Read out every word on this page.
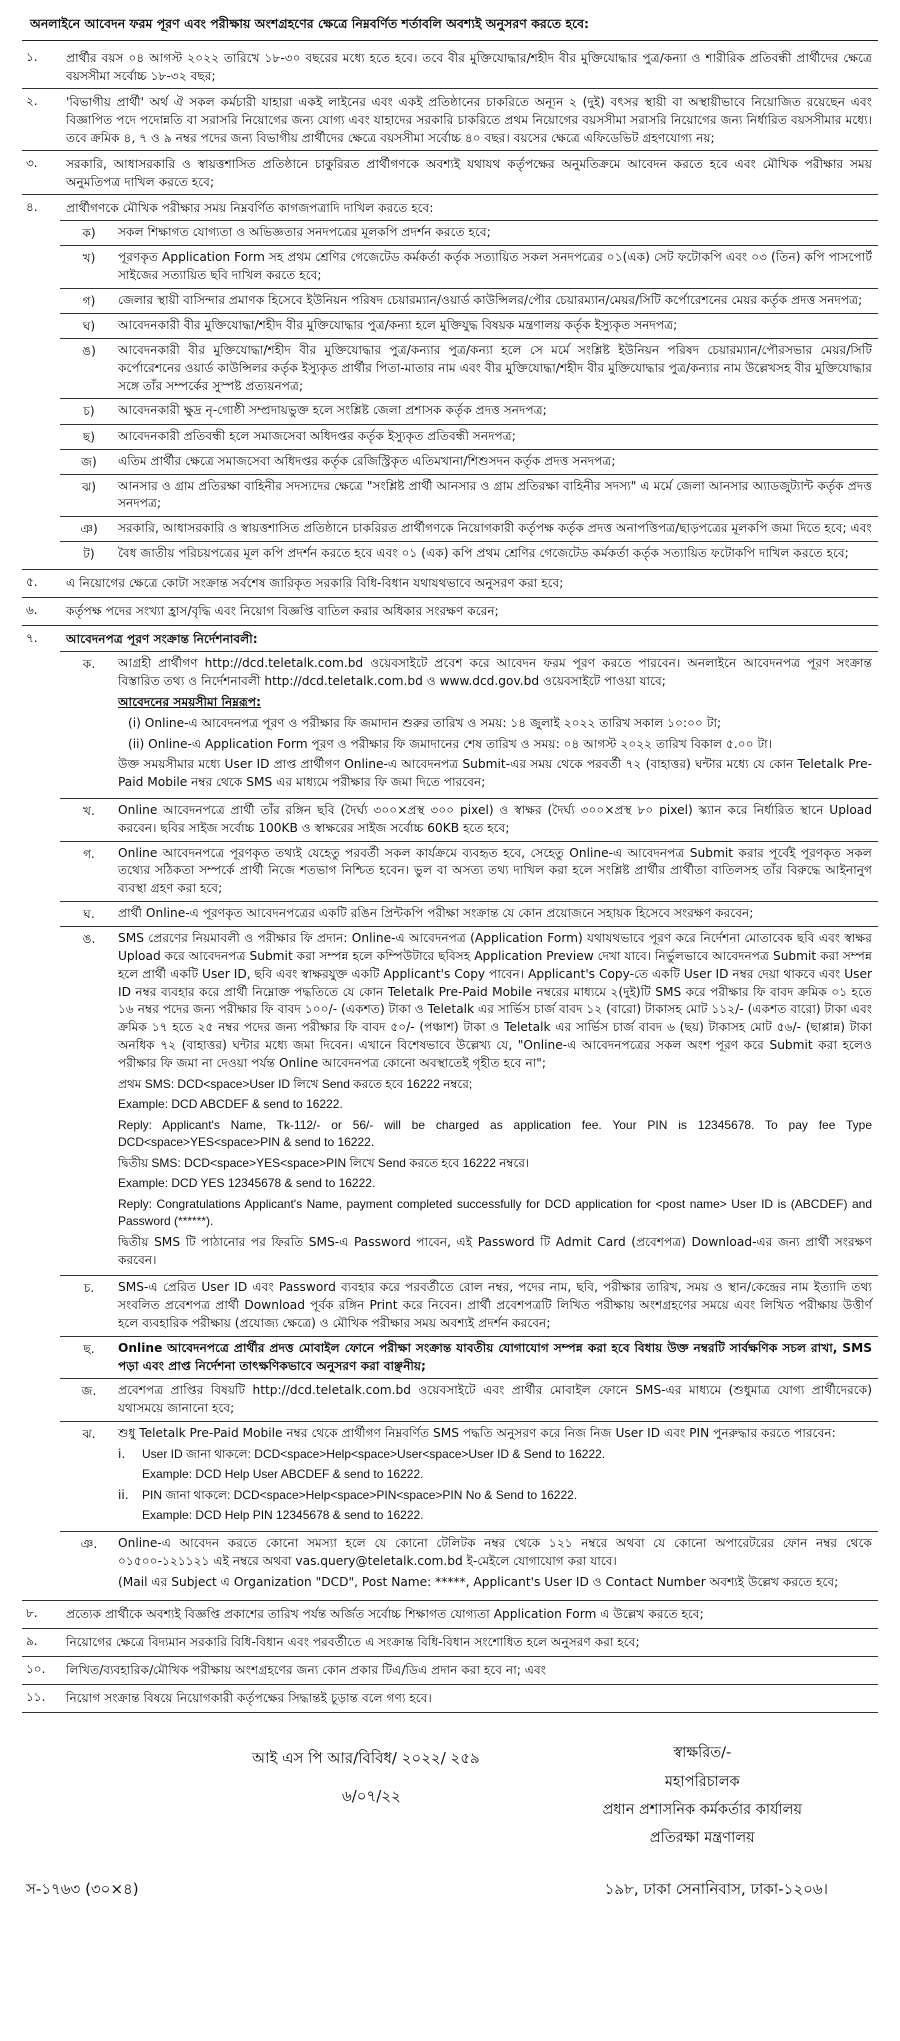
অনলাইনে আবেদন ফরম পূরণ এবং পরীক্ষায় অংশগ্রহণের ক্ষেত্রে নিম্নবর্ণিত শর্তাবলি অবশ্যই অনুসরণ করতে হবে:
১.	প্রার্থীর বয়স ০৪ আগস্ট ২০২২ তারিখে ১৮-৩০ বছরের মধ্যে হতে হবে। তবে বীর মুক্তিযোদ্ধার/শহীদ বীর মুক্তিযোদ্ধার পুত্র/কন্যা ও শারীরিক প্রতিবন্ধী প্রার্থীদের ক্ষেত্রে বয়সসীমা সর্বোচ্চ ১৮-৩২ বছর;
২.	'বিভাগীয় প্রার্থী' অর্থ ঐ সকল কর্মচারী যাহারা একই লাইনের এবং একই প্রতিষ্ঠানের চাকরিতে অন্যূন ২ (দুই) বৎসর স্থায়ী বা অস্থায়ীভাবে নিয়োজিত রয়েছেন এবং বিজ্ঞাপিত পদে পদোন্নতি বা সরাসরি নিয়োগের জন্য যোগ্য এবং যাহাদের সরকারি চাকরিতে প্রথম নিয়োগের বয়সসীমা সরাসরি নিয়োগের জন্য নির্ধারিত বয়সসীমার মধ্যে। তবে ক্রমিক ৪, ৭ ও ৯ নম্বর পদের জন্য বিভাগীয় প্রার্থীদের ক্ষেত্রে বয়সসীমা সর্বোচ্চ ৪০ বছর। বয়সের ক্ষেত্রে এফিডেভিট গ্রহণযোগ্য নয়;
৩.	সরকারি, আধাসরকারি ও স্বায়ত্তশাসিত প্রতিষ্ঠানে চাকুরিরত প্রার্থীগণকে অবশ্যই যথাযথ কর্তৃপক্ষের অনুমতিক্রমে আবেদন করতে হবে এবং মৌখিক পরীক্ষার সময় অনুমতিপত্র দাখিল করতে হবে;
৪.	প্রার্থীগণকে মৌখিক পরীক্ষার সময় নিম্নবর্ণিত কাগজপত্রাদি দাখিল করতে হবে:

ক)	সকল শিক্ষাগত যোগ্যতা ও অভিজ্ঞতার সনদপত্রের মূলকপি প্রদর্শন করতে হবে;
খ)	পূরণকৃত Application Form সহ প্রথম শ্রেণির গেজেটেড কর্মকর্তা কর্তৃক সত্যায়িত সকল সনদপত্রের ০১(এক) সেট ফটোকপি এবং ০৩ (তিন) কপি পাসপোর্ট সাইজের সত্যায়িত ছবি দাখিল করতে হবে;
গ)	জেলার স্থায়ী বাসিন্দার প্রমাণক হিসেবে ইউনিয়ন পরিষদ চেয়ারম্যান/ওয়ার্ড কাউন্সিলর/পৌর চেয়ারম্যান/মেয়র/সিটি কর্পোরেশনের মেয়র কর্তৃক প্রদত্ত সনদপত্র;
ঘ)	আবেদনকারী বীর মুক্তিযোদ্ধা/শহীদ বীর মুক্তিযোদ্ধার পুত্র/কন্যা হলে মুক্তিযুদ্ধ বিষয়ক মন্ত্রণালয় কর্তৃক ইস্যুকৃত সনদপত্র;
ঙ)	আবেদনকারী বীর মুক্তিযোদ্ধা/শহীদ বীর মুক্তিযোদ্ধার পুত্র/কন্যার পুত্র/কন্যা হলে সে মর্মে সংশ্লিষ্ট ইউনিয়ন পরিষদ চেয়ারম্যান/পৌরসভার মেয়র/সিটি কর্পোরেশনের ওয়ার্ড কাউন্সিলর কর্তৃক ইস্যুকৃত প্রার্থীর পিতা-মাতার নাম এবং বীর মুক্তিযোদ্ধা/শহীদ বীর মুক্তিযোদ্ধার পুত্র/কন্যার নাম উল্লেখসহ বীর মুক্তিযোদ্ধার সঙ্গে তাঁর সম্পর্কের সুস্পষ্ট প্রত্যয়নপত্র;
চ)	আবেদনকারী ক্ষুদ্র নৃ-গোষ্ঠী সম্প্রদায়ভুক্ত হলে সংশ্লিষ্ট জেলা প্রশাসক কর্তৃক প্রদত্ত সনদপত্র;
ছ)	আবেদনকারী প্রতিবন্ধী হলে সমাজসেবা অধিদপ্তর কর্তৃক ইস্যুকৃত প্রতিবন্ধী সনদপত্র;
জ)	এতিম প্রার্থীর ক্ষেত্রে সমাজসেবা অধিদপ্তর কর্তৃক রেজিস্ট্রিকৃত এতিমখানা/শিশুসদন কর্তৃক প্রদত্ত সনদপত্র;
ঝ)	আনসার ও গ্রাম প্রতিরক্ষা বাহিনীর সদস্যদের ক্ষেত্রে "সংশ্লিষ্ট প্রার্থী আনসার ও গ্রাম প্রতিরক্ষা বাহিনীর সদস্য" এ মর্মে জেলা আনসার অ্যাডজুট্যান্ট কর্তৃক প্রদত্ত সনদপত্র;
ঞ)	সরকারি, আধাসরকারি ও স্বায়ত্তশাসিত প্রতিষ্ঠানে চাকরিরত প্রার্থীগণকে নিয়োগকারী কর্তৃপক্ষ কর্তৃক প্রদত্ত অনাপত্তিপত্র/ছাড়পত্রের মূলকপি জমা দিতে হবে; এবং
ট)	বৈধ জাতীয় পরিচয়পত্রের মূল কপি প্রদর্শন করতে হবে এবং ০১ (এক) কপি প্রথম শ্রেণির গেজেটেড কর্মকর্তা কর্তৃক সত্যায়িত ফটোকপি দাখিল করতে হবে;
৫.	এ নিয়োগের ক্ষেত্রে কোটা সংক্রান্ত সর্বশেষ জারিকৃত সরকারি বিধি-বিধান যথাযথভাবে অনুসরণ করা হবে;
৬.	কর্তৃপক্ষ পদের সংখ্যা হ্রাস/বৃদ্ধি এবং নিয়োগ বিজ্ঞপ্তি বাতিল করার অধিকার সংরক্ষণ করেন;
৭.	আবেদনপত্র পূরণ সংক্রান্ত নির্দেশনাবলী:

ক.	আগ্রহী প্রার্থীগণ http://dcd.teletalk.com.bd ওয়েবসাইটে প্রবেশ করে আবেদন ফরম পূরণ করতে পারবেন। অনলাইনে আবেদনপত্র পূরণ সংক্রান্ত বিস্তারিত তথ্য ও নির্দেশনাবলী http://dcd.teletalk.com.bd ও www.dcd.gov.bd ওয়েবসাইটে পাওয়া যাবে;

আবেদনের সময়সীমা নিম্নরূপ:

(i) Online-এ আবেদনপত্র পূরণ ও পরীক্ষার ফি জমাদান শুরুর তারিখ ও সময়: ১৪ জুলাই ২০২২ তারিখ সকাল ১০:০০ টা;

(ii) Online-এ Application Form পূরণ ও পরীক্ষার ফি জমাদানের শেষ তারিখ ও সময়: ০৪ আগস্ট ২০২২ তারিখ বিকাল ৫.০০ টা।

উক্ত সময়সীমার মধ্যে User ID প্রাপ্ত প্রার্থীগণ Online-এ আবেদনপত্র Submit-এর সময় থেকে পরবর্তী ৭২ (বাহাত্তর) ঘন্টার মধ্যে যে কোন Teletalk Pre-Paid Mobile নম্বর থেকে SMS এর মাধ্যমে পরীক্ষার ফি জমা দিতে পারবেন;

খ.	Online আবেদনপত্রে প্রার্থী তাঁর রঙ্গিন ছবি (দৈর্ঘ্য ৩০০×প্রস্থ ৩০০ pixel) ও স্বাক্ষর (দৈর্ঘ্য ৩০০×প্রস্থ ৮০ pixel) স্ক্যান করে নির্ধারিত স্থানে Upload করবেন। ছবির সাইজ সর্বোচ্চ 100KB ও স্বাক্ষরের সাইজ সর্বোচ্চ 60KB হতে হবে;
গ.	Online আবেদনপত্রে পূরণকৃত তথ্যই যেহেতু পরবর্তী সকল কার্যক্রমে ব্যবহৃত হবে, সেহেতু Online-এ আবেদনপত্র Submit করার পূর্বেই পূরণকৃত সকল তথ্যের সঠিকতা সম্পর্কে প্রার্থী নিজে শতভাগ নিশ্চিত হবেন। ভুল বা অসত্য তথ্য দাখিল করা হলে সংশ্লিষ্ট প্রার্থীর প্রার্থীতা বাতিলসহ তাঁর বিরুদ্ধে আইনানুগ ব্যবস্থা গ্রহণ করা হবে;
ঘ.	প্রার্থী Online-এ পূরণকৃত আবেদনপত্রের একটি রঙিন প্রিন্টকপি পরীক্ষা সংক্রান্ত যে কোন প্রয়োজনে সহায়ক হিসেবে সংরক্ষণ করবেন;
ঙ.	SMS প্রেরণের নিয়মাবলী ও পরীক্ষার ফি প্রদান: Online-এ আবেদনপত্র (Application Form) যথাযথভাবে পূরণ করে নির্দেশনা মোতাবেক ছবি এবং স্বাক্ষর Upload করে আবেদনপত্র Submit করা সম্পন্ন হলে কম্পিউটারে ছবিসহ Application Preview দেখা যাবে। নির্ভুলভাবে আবেদনপত্র Submit করা সম্পন্ন হলে প্রার্থী একটি User ID, ছবি এবং স্বাক্ষরযুক্ত একটি Applicant's Copy পাবেন। Applicant's Copy-তে একটি User ID নম্বর দেয়া থাকবে এবং User ID নম্বর ব্যবহার করে প্রার্থী নিম্নোক্ত পদ্ধতিতে যে কোন Teletalk Pre-Paid Mobile নম্বরের মাধ্যমে ২(দুই)টি SMS করে পরীক্ষার ফি বাবদ ক্রমিক ০১ হতে ১৬ নম্বর পদের জন্য পরীক্ষার ফি বাবদ ১০০/- (একশত) টাকা ও Teletalk এর সার্ভিস চার্জ বাবদ ১২ (বারো) টাকাসহ মোট ১১২/- (একশত বারো) টাকা এবং ক্রমিক ১৭ হতে ২৫ নম্বর পদের জন্য পরীক্ষার ফি বাবদ ৫০/- (পঞ্চাশ) টাকা ও Teletalk এর সার্ভিস চার্জ বাবদ ৬ (ছয়) টাকাসহ মোট ৫৬/- (ছাপ্পান্ন) টাকা অনধিক ৭২ (বাহাত্তর) ঘন্টার মধ্যে জমা দিবেন। এখানে বিশেষভাবে উল্লেখ্য যে, "Online-এ আবেদনপত্রের সকল অংশ পূরণ করে Submit করা হলেও পরীক্ষার ফি জমা না দেওয়া পর্যন্ত Online আবেদনপত্র কোনো অবস্থাতেই গৃহীত হবে না";

প্রথম SMS: DCD<space>User ID লিখে Send করতে হবে 16222 নম্বরে;

Example: DCD ABCDEF & send to 16222.

Reply: Applicant's Name, Tk-112/- or 56/- will be charged as application fee. Your PIN is 12345678. To pay fee Type DCD<space>YES<space>PIN & send to 16222.

দ্বিতীয় SMS: DCD<space>YES<space>PIN লিখে Send করতে হবে 16222 নম্বরে।

Example: DCD YES 12345678 & send to 16222.

Reply: Congratulations Applicant's Name, payment completed successfully for DCD application for <post name> User ID is (ABCDEF) and Password (******).

দ্বিতীয় SMS টি পাঠানোর পর ফিরতি SMS-এ Password পাবেন, এই Password টি Admit Card (প্রবেশপত্র) Download-এর জন্য প্রার্থী সংরক্ষণ করবেন।

চ.	SMS-এ প্রেরিত User ID এবং Password ব্যবহার করে পরবর্তীতে রোল নম্বর, পদের নাম, ছবি, পরীক্ষার তারিখ, সময় ও স্থান/কেন্দ্রের নাম ইত্যাদি তথ্য সংবলিত প্রবেশপত্র প্রার্থী Download পূর্বক রঙ্গিন Print করে নিবেন। প্রার্থী প্রবেশপত্রটি লিখিত পরীক্ষায় অংশগ্রহণের সময়ে এবং লিখিত পরীক্ষায় উত্তীর্ণ হলে ব্যবহারিক পরীক্ষায় (প্রযোজ্য ক্ষেত্রে) ও মৌখিক পরীক্ষার সময় অবশ্যই প্রদর্শন করবেন;
ছ.	Online আবেদনপত্রে প্রার্থীর প্রদত্ত মোবাইল ফোনে পরীক্ষা সংক্রান্ত যাবতীয় যোগাযোগ সম্পন্ন করা হবে বিধায় উক্ত নম্বরটি সার্বক্ষণিক সচল রাখা, SMS পড়া এবং প্রাপ্ত নির্দেশনা তাৎক্ষণিকভাবে অনুসরণ করা বাঞ্ছনীয়;
জ.	প্রবেশপত্র প্রাপ্তির বিষয়টি http://dcd.teletalk.com.bd ওয়েবসাইটে এবং প্রার্থীর মোবাইল ফোনে SMS-এর মাধ্যমে (শুধুমাত্র যোগ্য প্রার্থীদেরকে) যথাসময়ে জানানো হবে;
ঝ.	শুধু Teletalk Pre-Paid Mobile নম্বর থেকে প্রার্থীগণ নিম্নবর্ণিত SMS পদ্ধতি অনুসরণ করে নিজ নিজ User ID এবং PIN পুনরুদ্ধার করতে পারবেন:

i.	User ID জানা থাকলে: DCD<space>Help<space>User<space>User ID & Send to 16222.

Example: DCD Help User ABCDEF & send to 16222.

ii.	PIN জানা থাকলে: DCD<space>Help<space>PIN<space>PIN No & Send to 16222.

Example: DCD Help PIN 12345678 & send to 16222.

ঞ.	Online-এ আবেদন করতে কোনো সমস্যা হলে যে কোনো টেলিটক নম্বর থেকে ১২১ নম্বরে অথবা যে কোনো অপারেটরের ফোন নম্বর থেকে ০১৫০০-১২১১২১ এই নম্বরে অথবা vas.query@teletalk.com.bd ই-মেইলে যোগাযোগ করা যাবে।

(Mail এর Subject এ Organization "DCD", Post Name: *****, Applicant's User ID ও Contact Number অবশ্যই উল্লেখ করতে হবে;

৮.	প্রত্যেক প্রার্থীকে অবশ্যই বিজ্ঞপ্তি প্রকাশের তারিখ পর্যন্ত অর্জিত সর্বোচ্চ শিক্ষাগত যোগ্যতা Application Form এ উল্লেখ করতে হবে;
৯.	নিয়োগের ক্ষেত্রে বিদ্যমান সরকারি বিধি-বিধান এবং পরবর্তীতে এ সংক্রান্ত বিধি-বিধান সংশোধিত হলে অনুসরণ করা হবে;
১০.	লিখিত/ব্যবহারিক/মৌখিক পরীক্ষায় অংশগ্রহণের জন্য কোন প্রকার টিএ/ডিএ প্রদান করা হবে না; এবং
১১.	নিয়োগ সংক্রান্ত বিষয়ে নিয়োগকারী কর্তৃপক্ষের সিদ্ধান্তই চূড়ান্ত বলে গণ্য হবে।
আই এস পি আর/বিবিধ/ ২০২২/ ২৫৯
৬/০৭/২২
স্বাক্ষরিত/-
মহাপরিচালক
প্রধান প্রশাসনিক কর্মকর্তার কার্যালয়
প্রতিরক্ষা মন্ত্রণালয়
স-১৭৬৩ (৩০×৪)	১৯৮, ঢাকা সেনানিবাস, ঢাকা-১২০৬।
